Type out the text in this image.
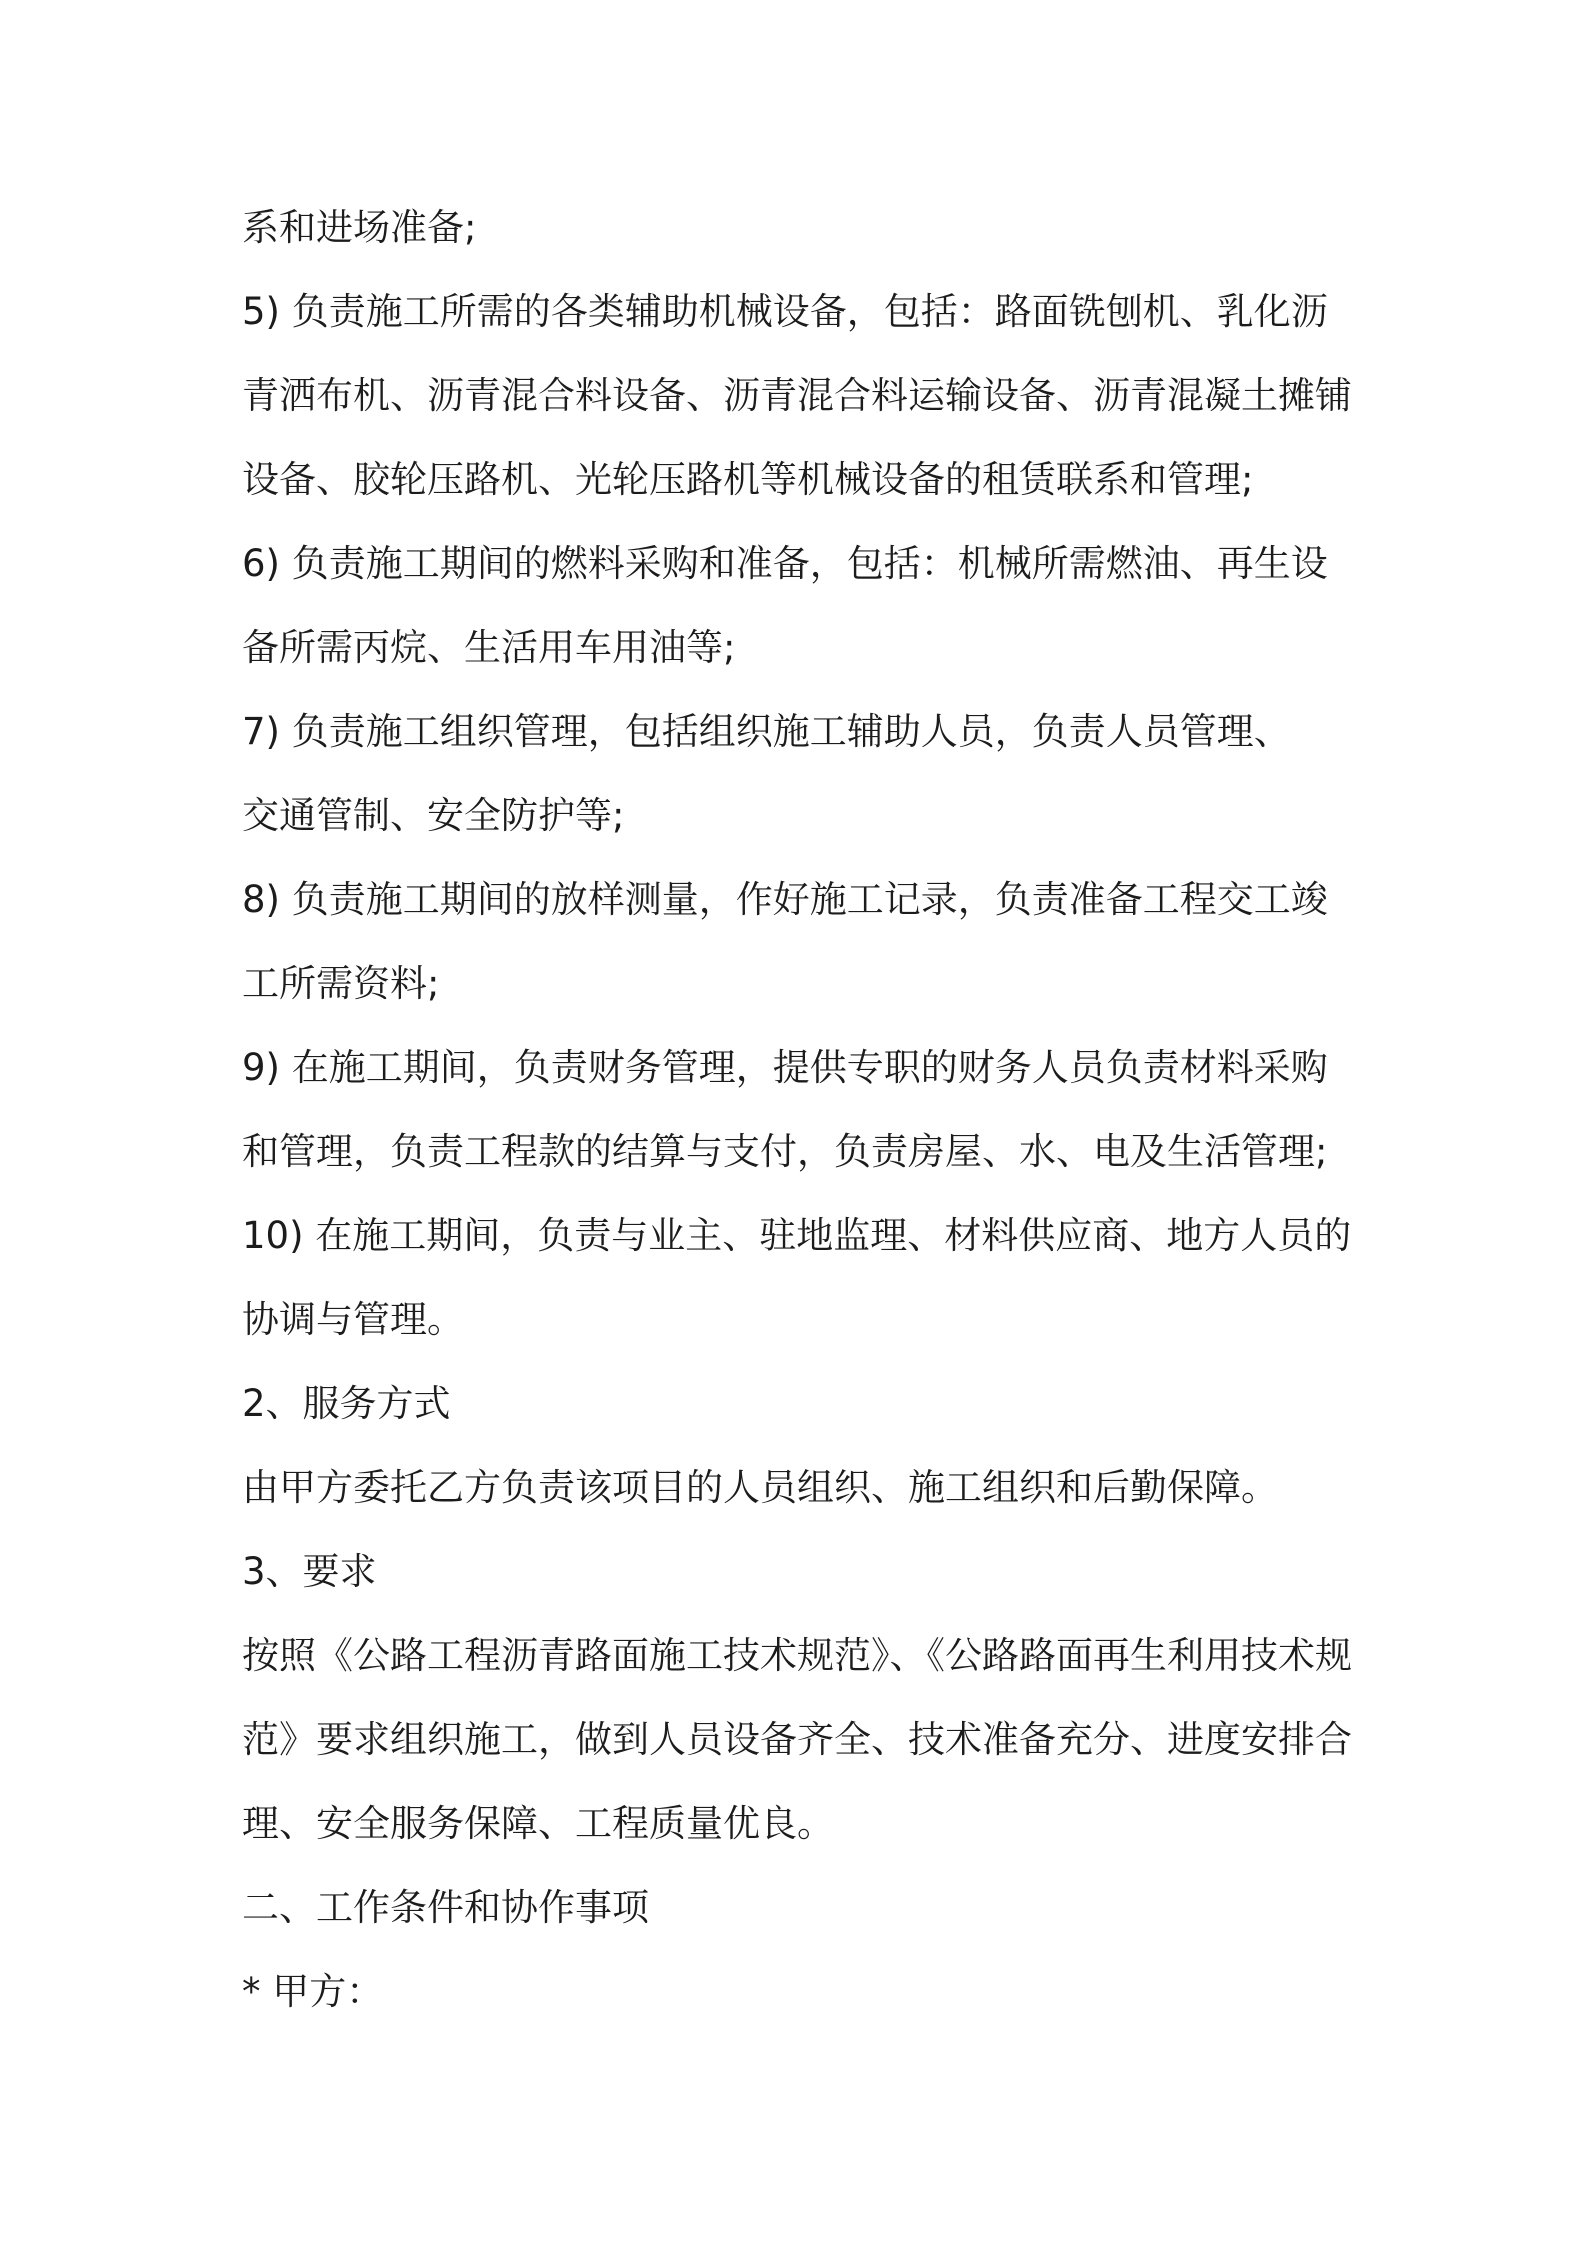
系和进场准备;
5) 负责施工所需的各类辅助机械设备，包括：路面铣刨机、乳化沥
青洒布机、沥青混合料设备、沥青混合料运输设备、沥青混凝土摊铺
设备、胶轮压路机、光轮压路机等机械设备的租赁联系和管理;
6) 负责施工期间的燃料采购和准备，包括：机械所需燃油、再生设
备所需丙烷、生活用车用油等;
7) 负责施工组织管理，包括组织施工辅助人员，负责人员管理、
交通管制、安全防护等;
8) 负责施工期间的放样测量，作好施工记录，负责准备工程交工竣
工所需资料;
9) 在施工期间，负责财务管理，提供专职的财务人员负责材料采购
和管理，负责工程款的结算与支付，负责房屋、水、电及生活管理;
10) 在施工期间，负责与业主、驻地监理、材料供应商、地方人员的
协调与管理。
2、服务方式
由甲方委托乙方负责该项目的人员组织、施工组织和后勤保障。
3、要求
按照《公路工程沥青路面施工技术规范》、《公路路面再生利用技术规
范》要求组织施工，做到人员设备齐全、技术准备充分、进度安排合
理、安全服务保障、工程质量优良。
二、工作条件和协作事项
* 甲方：
